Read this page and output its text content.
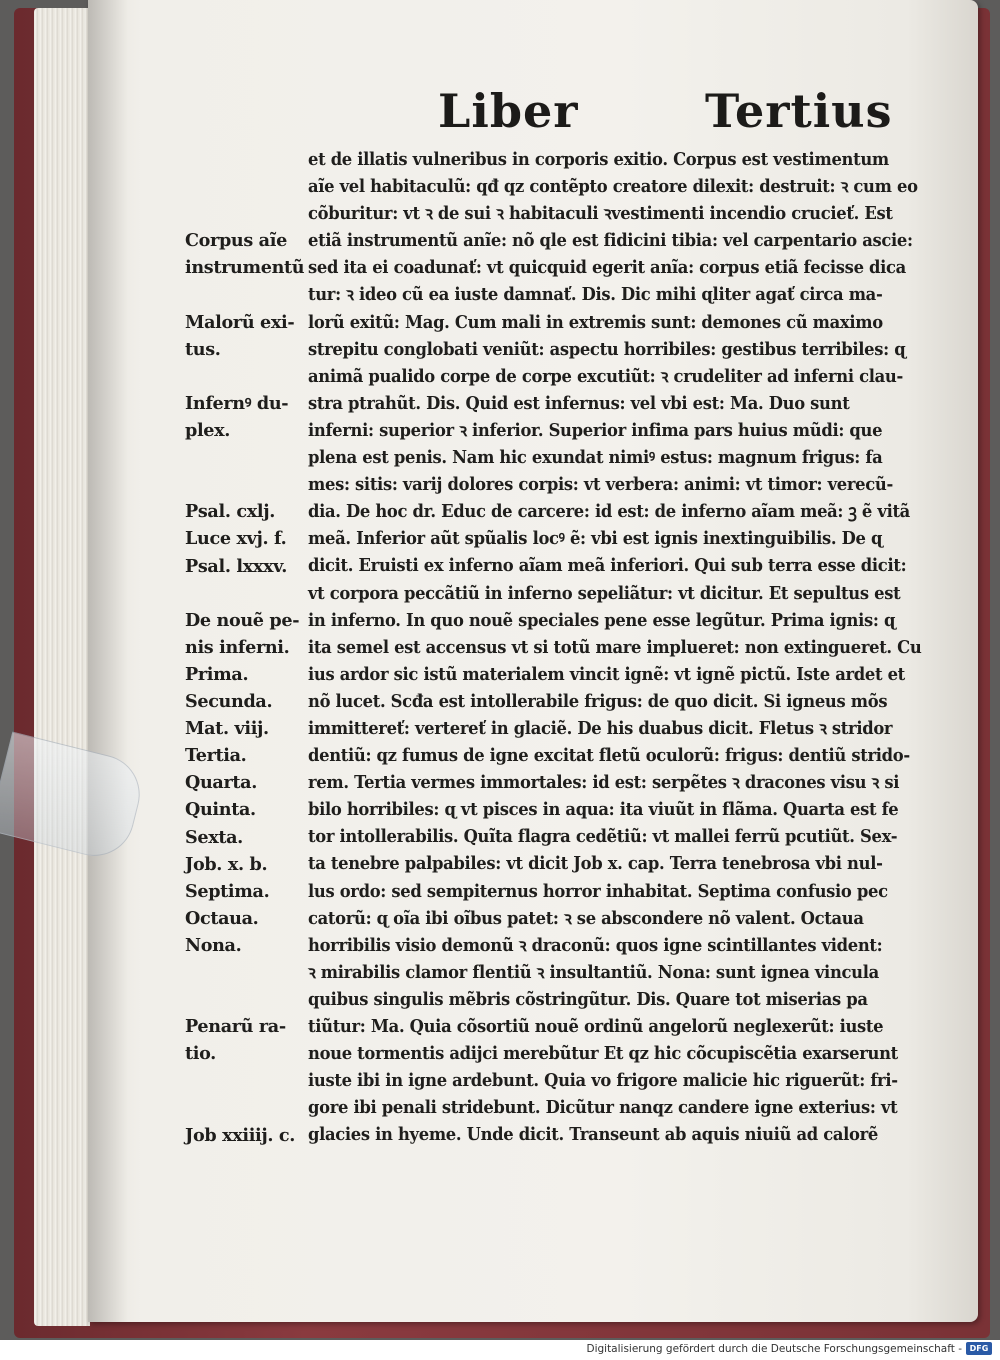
Liber	Tertius
et de illatis vulneribus in corporis exitio. Corpus est vestimentum
aĩe vel habitaculũ: qđ qz contẽpto creatore dilexit: destruit: ꝛ cum eo
cõburitur: vt ꝛ de sui ꝛ habitaculi ꝛvestimenti incendio crucieť. Est
etiã instrumentũ anĩe: nõ qle est fidicini tibia: vel carpentario ascie:
sed ita ei coadunať: vt quicquid egerit anĩa: corpus etiã fecisse dica
tur: ꝛ ideo cũ ea iuste damnať. Dis. Dic mihi ɋliter agať circa ma-
lorũ exitũ: Mag. Cum mali in extremis sunt: demones cũ maximo
strepitu conglobati veniũt: aspectu horribiles: gestibus terribiles: ɋ
animã pualido corpe de corpe excutiũt: ꝛ crudeliter ad inferni clau-
stra ptrahũt. Dis. Quid est infernus: vel vbi est: Ma. Duo sunt
inferni: superior ꝛ inferior. Superior infima pars huius mũdi: que
plena est penis. Nam hic exundat nimiꝰ estus: magnum frigus: fa
mes: sitis: varij dolores corpis: vt verbera: animi: vt timor: verecũ-
dia. De hoc dr. Educ de carcere: id est: de inferno aĩam meã: ꝫ ẽ vitã
meã. Inferior aũt spũalis locꝰ ẽ: vbi est ignis inextinguibilis. De ɋ
dicit. Eruisti ex inferno aĩam meã inferiori. Qui sub terra esse dicit:
vt corpora peccãtiũ in inferno sepeliãtur: vt dicitur. Et sepultus est
in inferno. In quo nouẽ speciales pene esse legũtur. Prima ignis: ɋ
ita semel est accensus vt si totũ mare implueret: non extingueret. Cu
ius ardor sic istũ materialem vincit ignẽ: vt ignẽ pictũ. Iste ardet et
nõ lucet. Scđa est intollerabile frigus: de quo dicit. Si igneus mõs
immittereť: vertereť in glaciẽ. De his duabus dicit. Fletus ꝛ stridor
dentiũ: qz fumus de igne excitat fletũ oculorũ: frigus: dentiũ strido-
rem. Tertia vermes immortales: id est: serpẽtes ꝛ dracones visu ꝛ si
bilo horribiles: ɋ vt pisces in aqua: ita viuũt in flãma. Quarta est fe
tor intollerabilis. Quĩta flagra cedẽtiũ: vt mallei ferrũ pcutiũt. Sex-
ta tenebre palpabiles: vt dicit Job x. cap. Terra tenebrosa vbi nul-
lus ordo: sed sempiternus horror inhabitat. Septima confusio pec
catorũ: ɋ oĩa ibi oĩbus patet: ꝛ se abscondere nõ valent. Octaua
horribilis visio demonũ ꝛ draconũ: quos igne scintillantes vident:
ꝛ mirabilis clamor flentiũ ꝛ insultantiũ. Nona: sunt ignea vincula
quibus singulis mẽbris cõstringũtur. Dis. Quare tot miserias pa
tiũtur: Ma. Quia cõsortiũ nouẽ ordinũ angelorũ neglexerũt: iuste
noue tormentis adijci merebũtur Et qz hic cõcupiscẽtia exarserunt
iuste ibi in igne ardebunt. Quia vo frigore malicie hic riguerũt: fri-
gore ibi penali stridebunt. Dicũtur nanqz candere igne exterius: vt
glacies in hyeme. Unde dicit. Transeunt ab aquis niuiũ ad calorẽ
Corpus aĩe
instrumentũ
Malorũ exi-
tus.
Infernꝰ du-
plex.
Psal. cxlj.
Luce xvj. f.
Psal. lxxxv.
De nouẽ pe-
nis inferni.
Prima.
Secunda.
Mat. viij.
Tertia.
Quarta.
Quinta.
Sexta.
Job. x. b.
Septima.
Octaua.
Nona.
Penarũ ra-
tio.
Job xxiiij. c.
Digitalisierung gefördert durch die Deutsche Forschungsgemeinschaft - DFG
